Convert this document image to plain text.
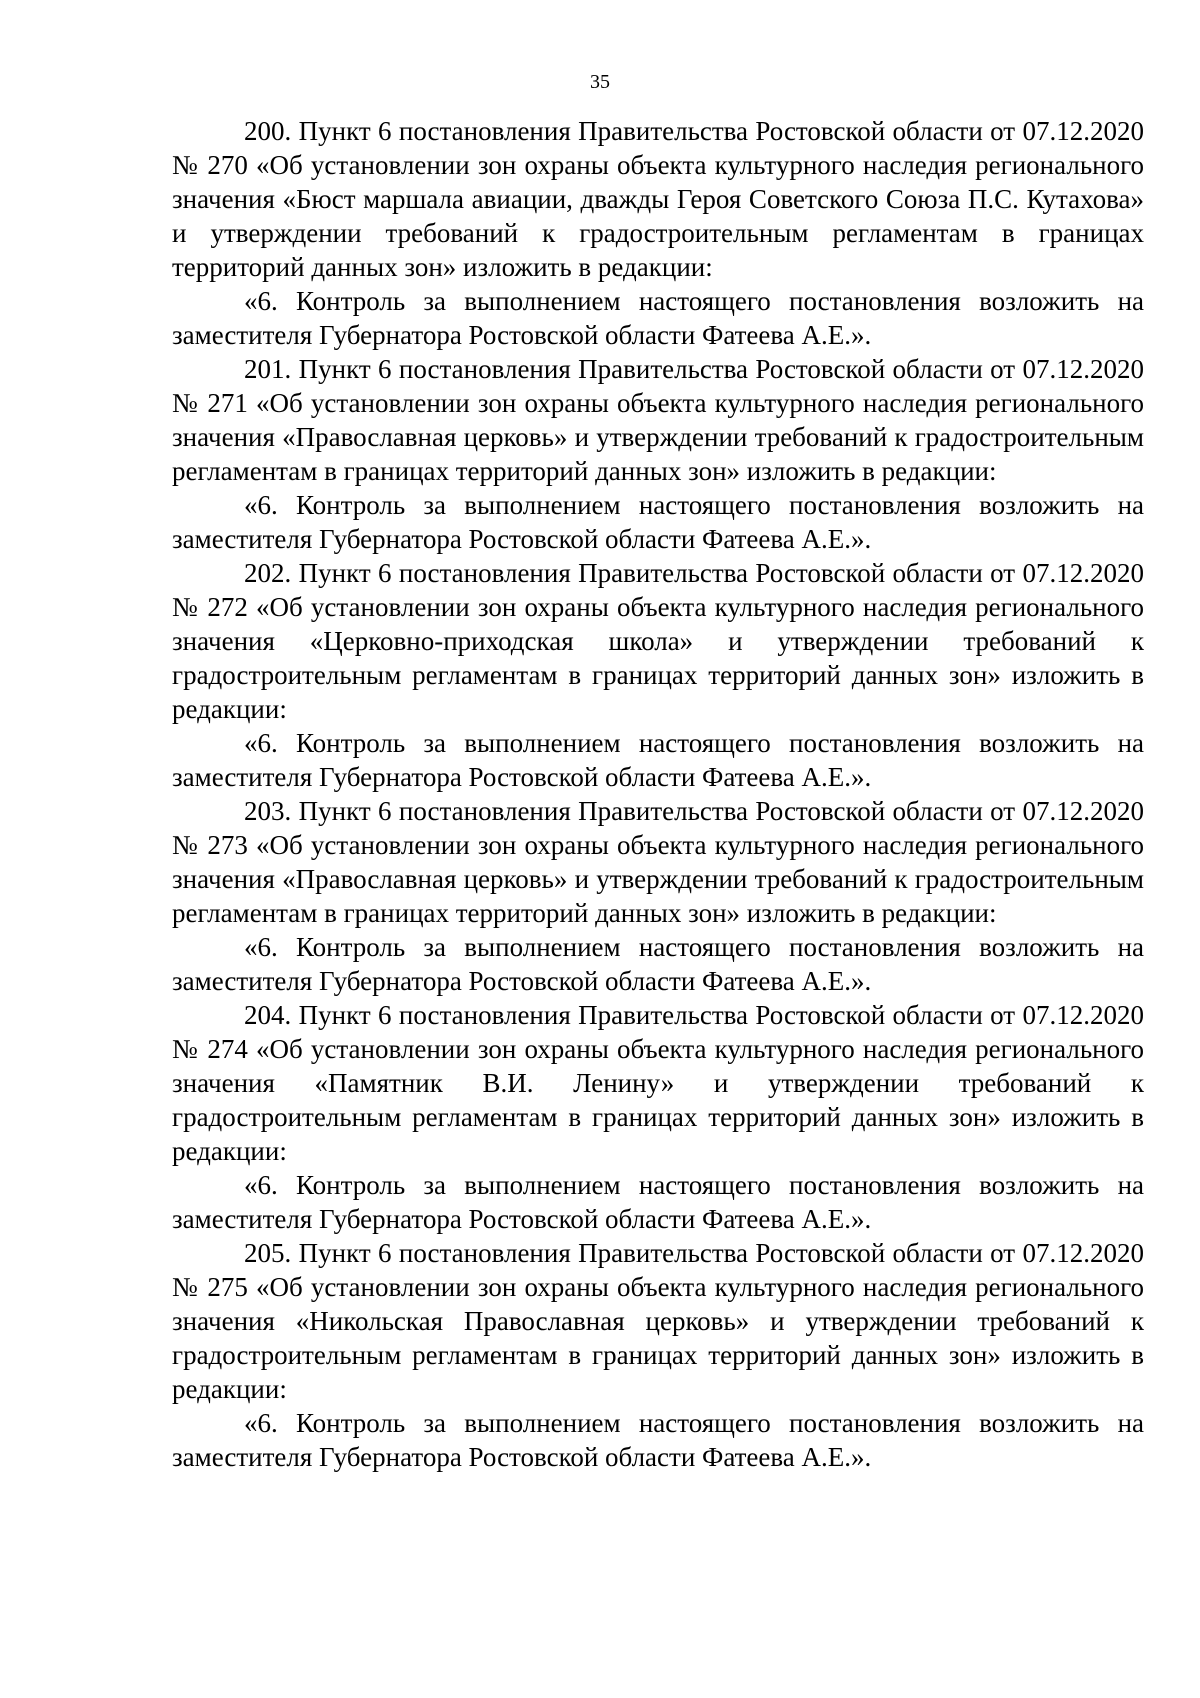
35

200. Пункт 6 постановления Правительства Ростовской области от 07.12.2020 № 270 «Об установлении зон охраны объекта культурного наследия регионального значения «Бюст маршала авиации, дважды Героя Советского Союза П.С. Кутахова» и утверждении требований к градостроительным регламентам в границах территорий данных зон» изложить в редакции:

«6. Контроль за выполнением настоящего постановления возложить на заместителя Губернатора Ростовской области Фатеева А.Е.».

201. Пункт 6 постановления Правительства Ростовской области от 07.12.2020 № 271 «Об установлении зон охраны объекта культурного наследия регионального значения «Православная церковь» и утверждении требований к градостроительным регламентам в границах территорий данных зон» изложить в редакции:

«6. Контроль за выполнением настоящего постановления возложить на заместителя Губернатора Ростовской области Фатеева А.Е.».

202. Пункт 6 постановления Правительства Ростовской области от 07.12.2020 № 272 «Об установлении зон охраны объекта культурного наследия регионального значения «Церковно-приходская школа» и утверждении требований к градостроительным регламентам в границах территорий данных зон» изложить в редакции:

«6. Контроль за выполнением настоящего постановления возложить на заместителя Губернатора Ростовской области Фатеева А.Е.».

203. Пункт 6 постановления Правительства Ростовской области от 07.12.2020 № 273 «Об установлении зон охраны объекта культурного наследия регионального значения «Православная церковь» и утверждении требований к градостроительным регламентам в границах территорий данных зон» изложить в редакции:

«6. Контроль за выполнением настоящего постановления возложить на заместителя Губернатора Ростовской области Фатеева А.Е.».

204. Пункт 6 постановления Правительства Ростовской области от 07.12.2020 № 274 «Об установлении зон охраны объекта культурного наследия регионального значения «Памятник В.И. Ленину» и утверждении требований к градостроительным регламентам в границах территорий данных зон» изложить в редакции:

«6. Контроль за выполнением настоящего постановления возложить на заместителя Губернатора Ростовской области Фатеева А.Е.».

205. Пункт 6 постановления Правительства Ростовской области от 07.12.2020 № 275 «Об установлении зон охраны объекта культурного наследия регионального значения «Никольская Православная церковь» и утверждении требований к градостроительным регламентам в границах территорий данных зон» изложить в редакции:

«6. Контроль за выполнением настоящего постановления возложить на заместителя Губернатора Ростовской области Фатеева А.Е.».
